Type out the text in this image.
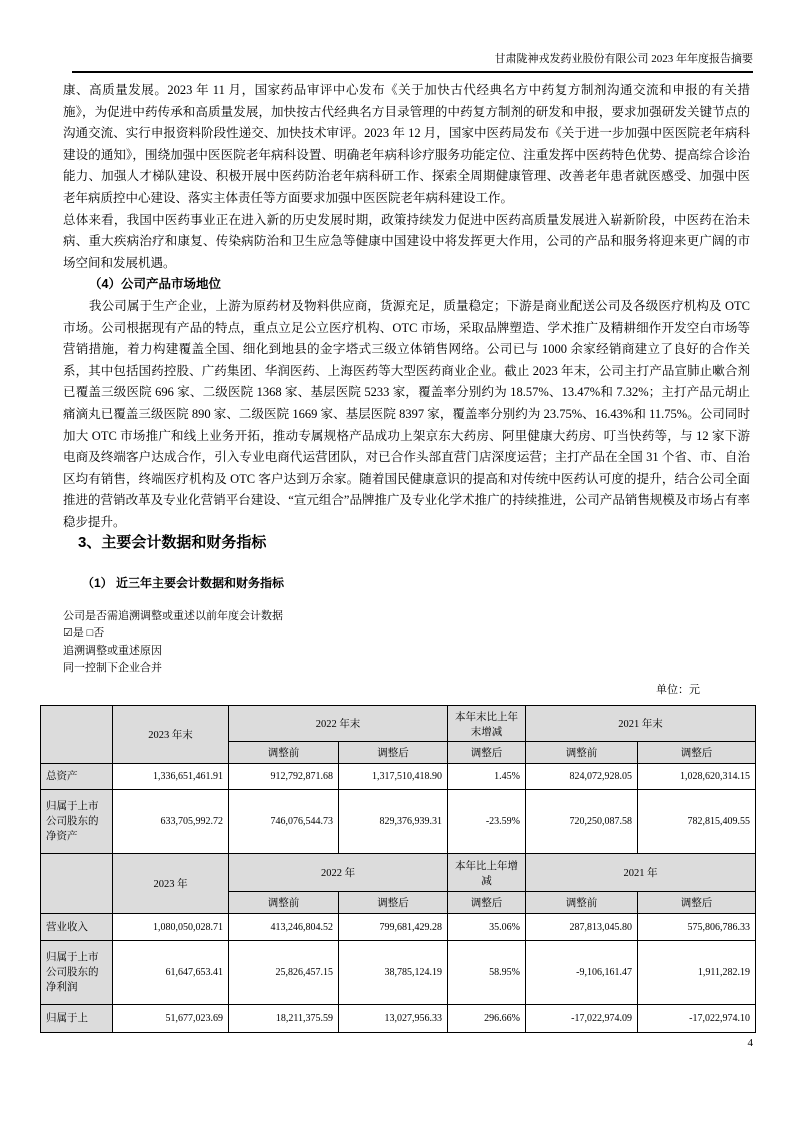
甘肃陇神戎发药业股份有限公司 2023 年年度报告摘要

康、高质量发展。2023 年 11 月，国家药品审评中心发布《关于加快古代经典名方中药复方制剂沟通交流和申报的有关措施》，为促进中药传承和高质量发展，加快按古代经典名方目录管理的中药复方制剂的研发和申报，要求加强研发关键节点的沟通交流、实行申报资料阶段性递交、加快技术审评。2023 年 12 月，国家中医药局发布《关于进一步加强中医医院老年病科建设的通知》，围绕加强中医医院老年病科设置、明确老年病科诊疗服务功能定位、注重发挥中医药特色优势、提高综合诊治能力、加强人才梯队建设、积极开展中医药防治老年病科研工作、探索全周期健康管理、改善老年患者就医感受、加强中医老年病质控中心建设、落实主体责任等方面要求加强中医医院老年病科建设工作。

总体来看，我国中医药事业正在进入新的历史发展时期，政策持续发力促进中医药高质量发展进入崭新阶段，中医药在治未病、重大疾病治疗和康复、传染病防治和卫生应急等健康中国建设中将发挥更大作用，公司的产品和服务将迎来更广阔的市场空间和发展机遇。

（4）公司产品市场地位

我公司属于生产企业，上游为原药材及物料供应商，货源充足，质量稳定；下游是商业配送公司及各级医疗机构及 OTC 市场。公司根据现有产品的特点，重点立足公立医疗机构、OTC 市场，采取品牌塑造、学术推广及精耕细作开发空白市场等营销措施，着力构建覆盖全国、细化到地县的金字塔式三级立体销售网络。公司已与 1000 余家经销商建立了良好的合作关系，其中包括国药控股、广药集团、华润医药、上海医药等大型医药商业企业。截止 2023 年末，公司主打产品宣肺止嗽合剂已覆盖三级医院 696 家、二级医院 1368 家、基层医院 5233 家，覆盖率分别约为 18.57%、13.47%和 7.32%；主打产品元胡止痛滴丸已覆盖三级医院 890 家、二级医院 1669 家、基层医院 8397 家，覆盖率分别约为 23.75%、16.43%和 11.75%。公司同时加大 OTC 市场推广和线上业务开拓，推动专属规格产品成功上架京东大药房、阿里健康大药房、叮当快药等，与 12 家下游电商及终端客户达成合作，引入专业电商代运营团队，对已合作头部直营门店深度运营；主打产品在全国 31 个省、市、自治区均有销售，终端医疗机构及 OTC 客户达到万余家。随着国民健康意识的提高和对传统中医药认可度的提升，结合公司全面推进的营销改革及专业化营销平台建设、“宣元组合”品牌推广及专业化学术推广的持续推进，公司产品销售规模及市场占有率稳步提升。

3、主要会计数据和财务指标

（1） 近三年主要会计数据和财务指标

公司是否需追溯调整或重述以前年度会计数据

☑是 □否

追溯调整或重述原因

同一控制下企业合并

单位：元
	2023 年末	2022 年末		本年末比上年末增减	2021 年末	
		调整前	调整后	调整后	调整前	调整后
总资产	1,336,651,461.91	912,792,871.68	1,317,510,418.90	1.45%	824,072,928.05	1,028,620,314.15
归属于上市公司股东的净资产	633,705,992.72	746,076,544.73	829,376,939.31	-23.59%	720,250,087.58	782,815,409.55
	2023 年	2022 年		本年比上年增减	2021 年	
		调整前	调整后	调整后	调整前	调整后
营业收入	1,080,050,028.71	413,246,804.52	799,681,429.28	35.06%	287,813,045.80	575,806,786.33
归属于上市公司股东的净利润	61,647,653.41	25,826,457.15	38,785,124.19	58.95%	-9,106,161.47	1,911,282.19
归属于上	51,677,023.69	18,211,375.59	13,027,956.33	296.66%	-17,022,974.09	-17,022,974.10
4
